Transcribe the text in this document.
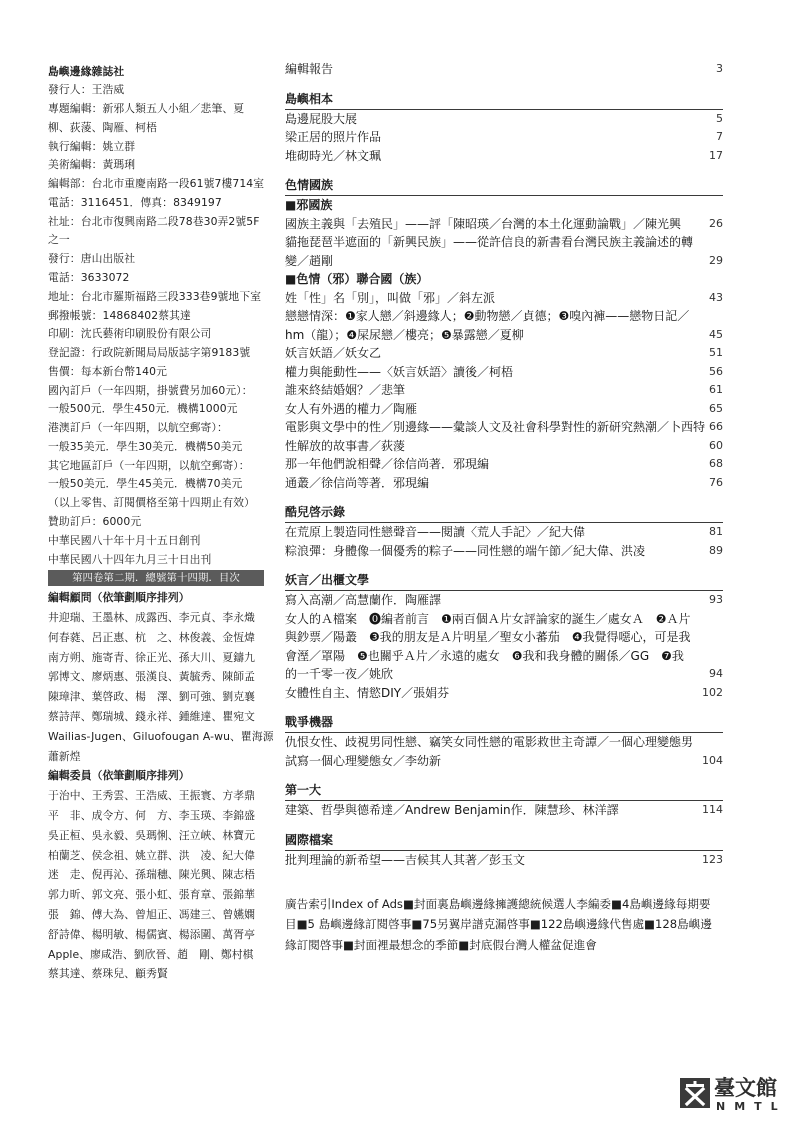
島嶼邊緣雜誌社
發行人：王浩威
專題編輯：新邪人類五人小組／悲筆、夏
柳、荻蔆、陶雁、柯梧
執行編輯：姚立群
美術編輯：黃瑪琍
編輯部：台北市重慶南路一段61號7樓714室
電話：3116451．傳真：8349197
社址：台北市復興南路二段78巷30弄2號5F
之一
發行：唐山出版社
電話：3633072
地址：台北市羅斯福路三段333巷9號地下室
郵撥帳號：14868402蔡其達
印刷：沈氏藝術印刷股份有限公司
登記證：行政院新聞局局版誌字第9183號
售價：每本新台幣140元
國內訂戶（一年四期，掛號費另加60元）：
一般500元．學生450元．機構1000元
港澳訂戶（一年四期，以航空郵寄）：
一般35美元．學生30美元．機構50美元
其它地區訂戶（一年四期，以航空郵寄）：
一般50美元．學生45美元．機構70美元
（以上零售、訂閱價格至第十四期止有效）
贊助訂戶：6000元
中華民國八十年十月十五日創刊
中華民國八十四年九月三十日出刊
第四卷第二期．總號第十四期．目次
編輯顧問（依筆劃順序排列）
井迎瑞、王墨林、成露西、李元貞、李永熾
何春蕤、呂正惠、杭　之、林俊義、金恆煒
南方朔、施寄青、徐正光、孫大川、夏鑄九
郭博文、廖炳惠、張漢良、黃毓秀、陳師孟
陳璋津、葉啓政、楊　澤、劉可強、劉克襄
蔡詩萍、鄭瑞城、錢永祥、鍾維達、瞿宛文
Wailias-Jugen、Giluofougan A-wu、瞿海源
蕭新煌
編輯委員（依筆劃順序排列）
于治中、王秀雲、王浩威、王振寰、方孝鼎
平　非、成令方、何　方、李玉瑛、李錦盛
吳正桓、吳永毅、吳瑪悧、汪立峽、林寶元
柏蘭芝、侯念祖、姚立群、洪　凌、紀大偉
迷　走、倪再沁、孫瑞穗、陳光興、陳志梧
郭力昕、郭文亮、張小虹、張育章、張錦華
張　錦、傅大為、曾旭正、馮建三、曾嬿嫻
舒詩偉、楊明敏、楊儒賓、楊添圍、萬胥亭
Apple、廖咸浩、劉欣晉、趙　剛、鄭村棋
蔡其達、蔡珠兒、顧秀賢
編輯報告	3
島嶼相本
島邊屁股大展	5
梁正居的照片作品	7
堆砌時光／林文珮	17
色情國族
■邪國族
國族主義與「去殖民」——評「陳昭瑛／台灣的本土化運動論戰」／陳光興	26
貓拖琵琶半遮面的「新興民族」——從許信良的新書看台灣民族主義論述的轉
變／趙剛	29
■色情（邪）聯合國（族）
姓「性」名「別」，叫做「邪」／斜左派	43
戀戀情深：❶家人戀／斜邊緣人；❷動物戀／貞德；❸嗅內褲——戀物日記／
hm（龍）；❹屎尿戀／樓亮；❺暴露戀／夏柳	45
妖言妖語／妖女乙	51
權力與能動性——〈妖言妖語〉讀後／柯梧	56
誰來終結婚姻？／悲筆	61
女人有外遇的權力／陶雁	65
電影與文學中的性／別邊緣——彙談人文及社會科學對性的新研究熱潮／卜西特 66
性解放的故事書／荻蔆	60
那一年他們說相聲／徐信尚著．邪現編	68
通叢／徐信尚等著．邪現編	76
酷兒啓示錄
在荒原上製造同性戀聲音——閱讀〈荒人手記〉／紀大偉	81
粽浪彈：身體像一個優秀的粽子——同性戀的端午節／紀大偉、洪凌	89
妖言／出櫃文學
寫入高潮／高慧蘭作．陶雁譯	93
女人的Ａ檔案　⓿編者前言　❶兩百個Ａ片女評論家的誕生／處女Ａ　❷Ａ片
與鈔票／陽叢　❸我的朋友是Ａ片明星／聖女小蕃茄　❹我覺得噁心，可是我
會溼／罩陽　❺也關乎Ａ片／永遠的處女　❻我和我身體的關係／GG　❼我
的一千零一夜／姚欣	94
女體性自主、情慾DIY／張娟芬	102
戰爭機器
仇恨女性、歧視男同性戀、竊笑女同性戀的電影救世主奇譚／一個心理變態男
試寫一個心理變態女／李幼新	104
第一大
建築、哲學與德希達／Andrew Benjamin作．陳慧珍、林洋譯	114
國際檔案
批判理論的新希望——吉候其人其著／彭玉文	123
廣告索引Index of Ads■封面裏島嶼邊緣擁護總統候選人李編委■4島嶼邊緣每期要
目■5 島嶼邊緣訂閱啓事■75另翼岸譜克漏啓事■122島嶼邊緣代售處■128島嶼邊
緣訂閱啓事■封面裡最想念的季節■封底假台灣人權盆促進會
臺文館
NMTL
